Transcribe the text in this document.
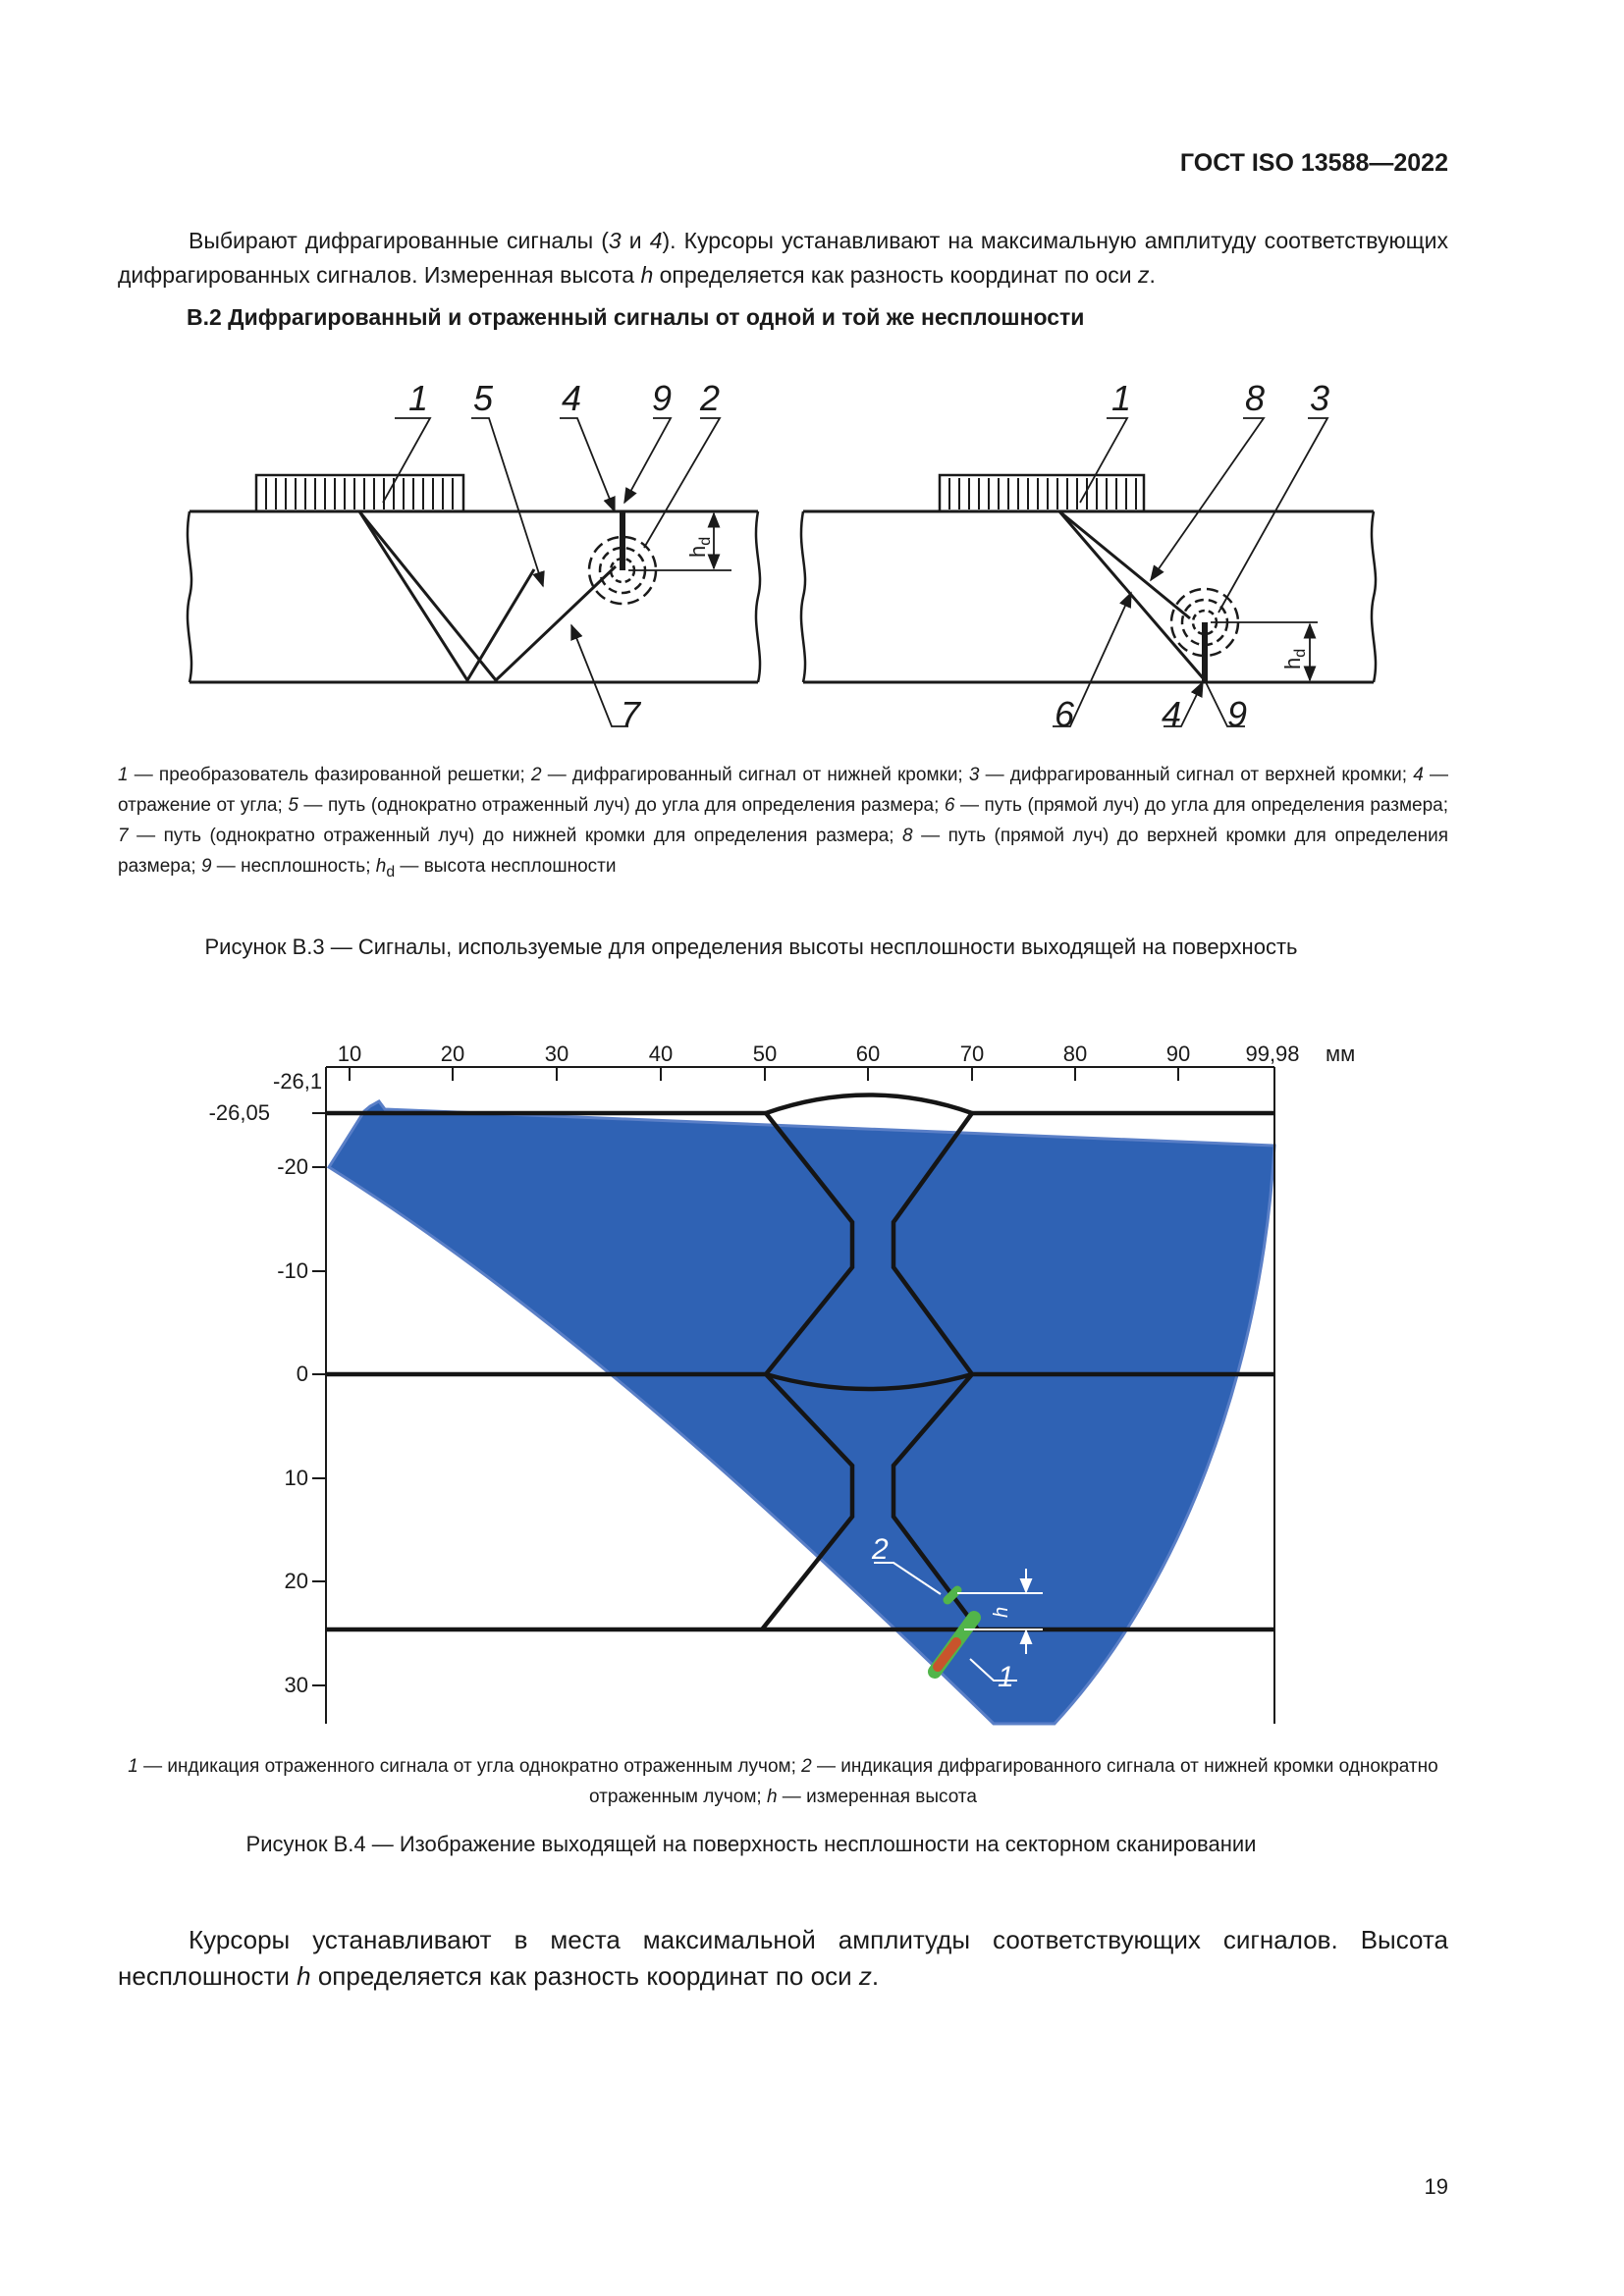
ГОСТ ISO 13588—2022

Выбирают дифрагированные сигналы (3 и 4). Курсоры устанавливают на максимальную амплитуду соответствующих дифрагированных сигналов. Измеренная высота h определяется как разность координат по оси z.

B.2 Дифрагированный и отраженный сигналы от одной и той же несплошности
1 5 4 9 2
7
$h_d$
1	8 3
6 4 9
$h_d$

1 — преобразователь фазированной решетки; 2 — дифрагированный сигнал от нижней кромки; 3 — дифрагированный сигнал от верхней кромки; 4 — отражение от угла; 5 — путь (однократно отраженный луч) до угла для определения размера; 6 — путь (прямой луч) до угла для определения размера; 7 — путь (однократно отраженный луч) до нижней кромки для определения размера; 8 — путь (прямой луч) до верхней кромки для определения размера; 9 — несплошность; $h_d$ — высота несплошности

Рисунок B.3 — Сигналы, используемые для определения высоты несплошности выходящей на поверхность
h
2
1
10	20	30	40	50	60	70	80	90	99,98 мм
-26,1
-26,05
-20
-10
0
10
20
30

1 — индикация отраженного сигнала от угла однократно отраженным лучом; 2 — индикация дифрагированного сигнала от нижней кромки однократно отраженным лучом; h — измеренная высота

Рисунок B.4 — Изображение выходящей на поверхность несплошности на секторном сканировании

Курсоры устанавливают в места максимальной амплитуды соответствующих сигналов. Высота несплошности h определяется как разность координат по оси z.

19
